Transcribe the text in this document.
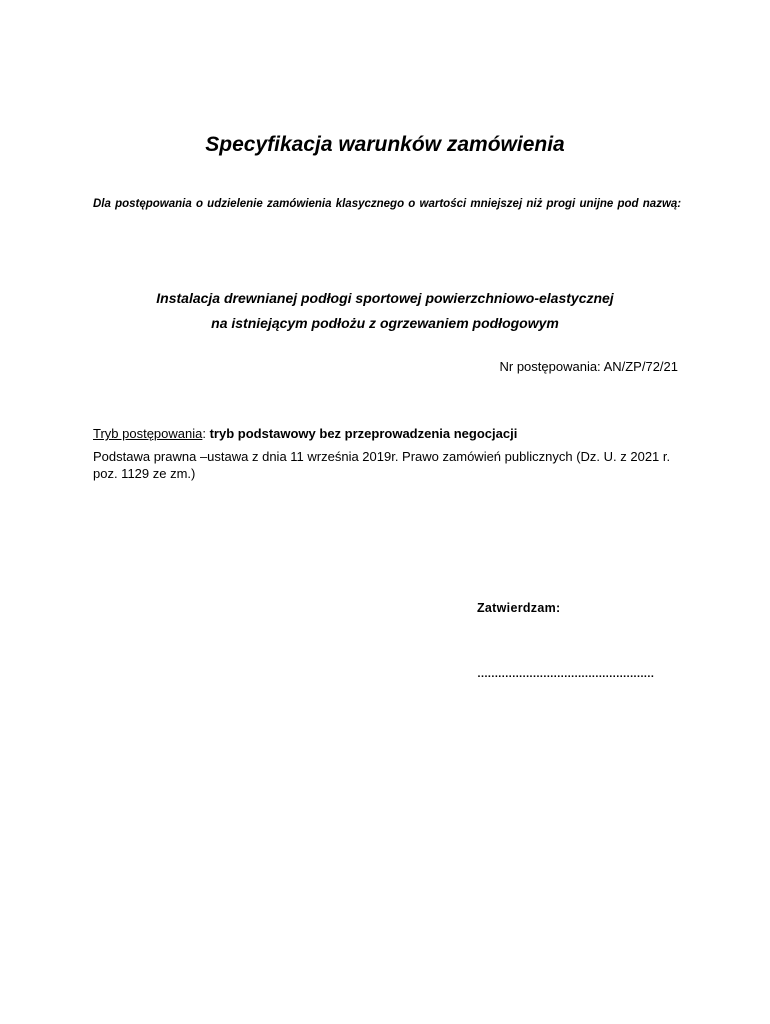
Specyfikacja warunków zamówienia
Dla postępowania o udzielenie zamówienia klasycznego o wartości mniejszej niż progi unijne pod nazwą:
Instalacja drewnianej podłogi sportowej powierzchniowo-elastycznej
na istniejącym podłożu z ogrzewaniem podłogowym
Nr postępowania: AN/ZP/72/21
Tryb postępowania: tryb podstawowy bez przeprowadzenia negocjacji
Podstawa prawna –ustawa z dnia 11 września 2019r. Prawo zamówień publicznych (Dz. U. z 2021 r. poz. 1129 ze zm.)
Zatwierdzam:
……………………………………………
